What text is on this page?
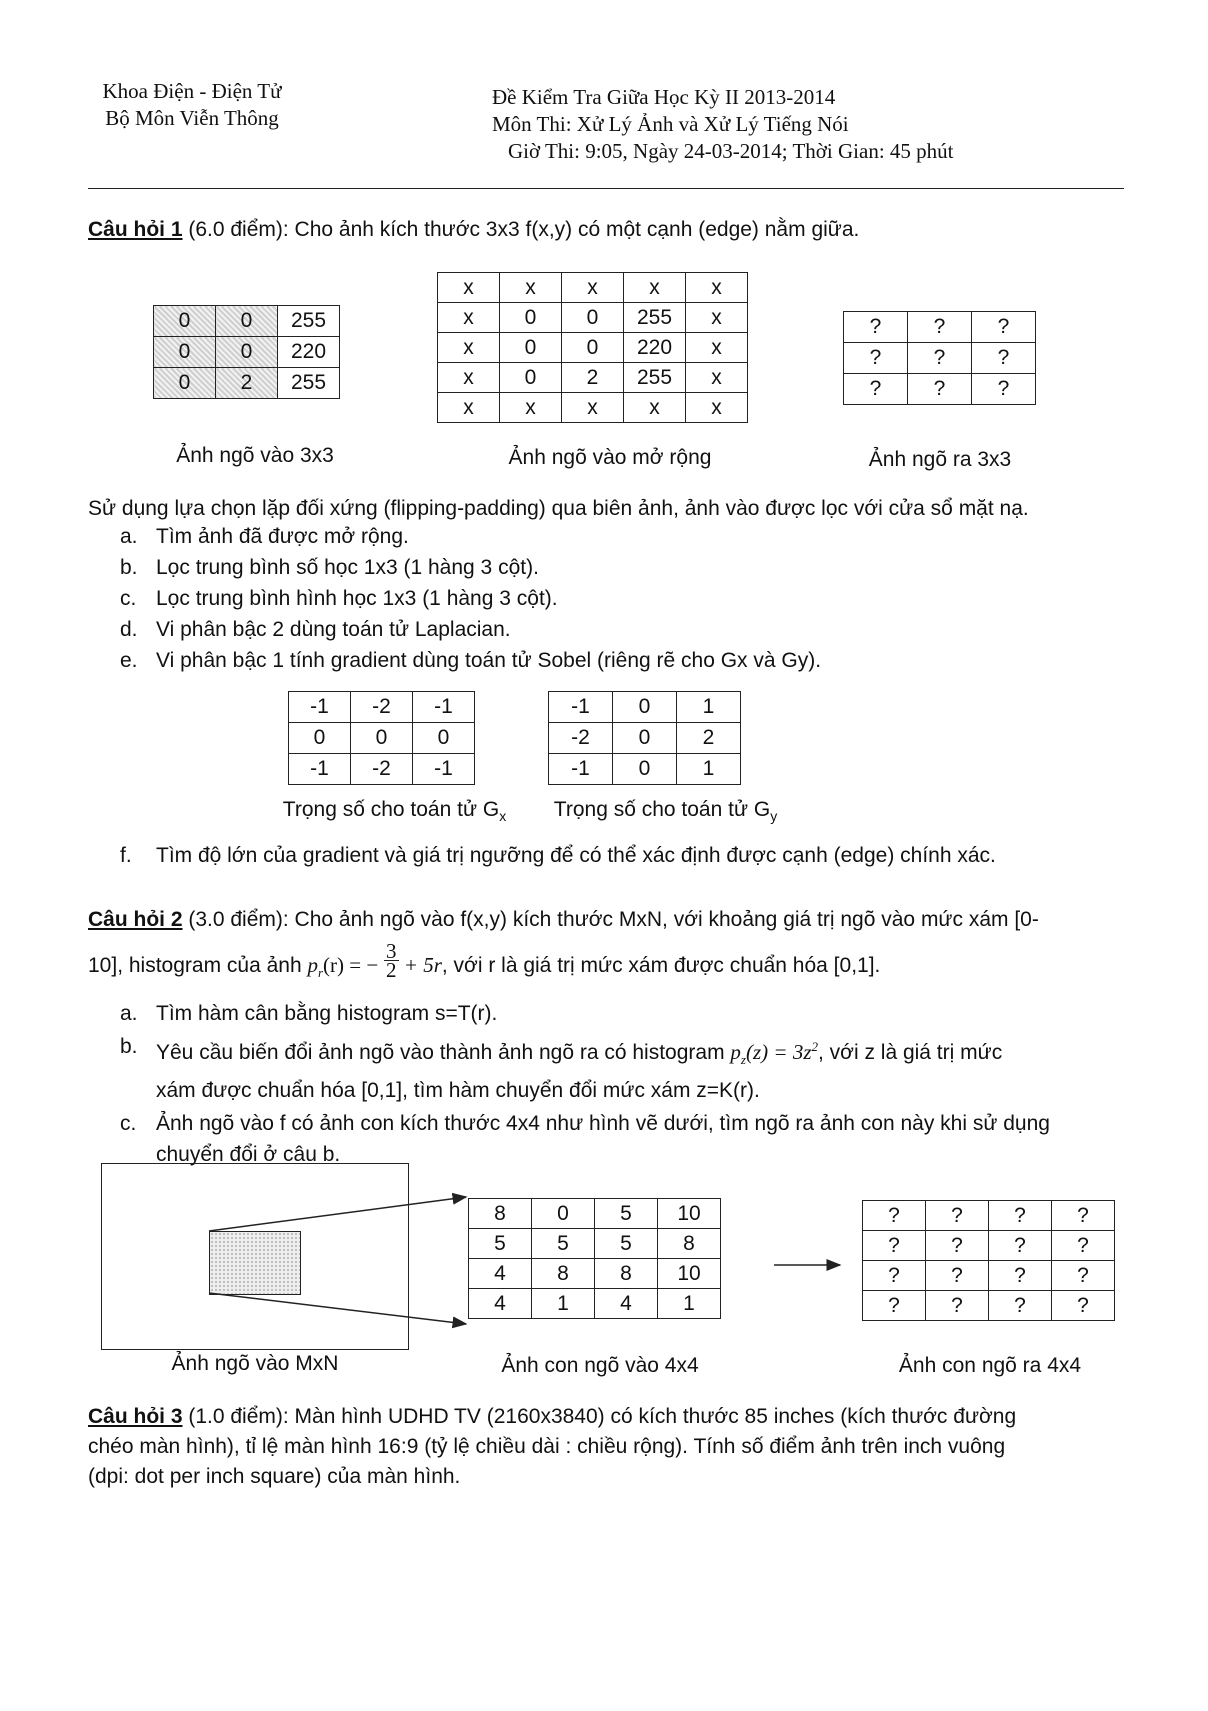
Khoa Điện - Điện Tử
Bộ Môn Viễn Thông
Đề Kiểm Tra Giữa Học Kỳ II 2013-2014
Môn Thi: Xử Lý Ảnh và Xử Lý Tiếng Nói
Giờ Thi: 9:05, Ngày 24-03-2014; Thời Gian: 45 phút
Câu hỏi 1 (6.0 điểm): Cho ảnh kích thước 3x3 f(x,y) có một cạnh (edge) nằm giữa.
0	0	255
0	0	220
0	2	255
x	x	x	x	x
x	0	0	255	x
x	0	0	220	x
x	0	2	255	x
x	x	x	x	x
?	?	?
?	?	?
?	?	?
Ảnh ngõ vào 3x3	Ảnh ngõ vào mở rộng	Ảnh ngõ ra 3x3
Sử dụng lựa chọn lặp đối xứng (flipping-padding) qua biên ảnh, ảnh vào được lọc với cửa sổ mặt nạ.
a. Tìm ảnh đã được mở rộng.
b. Lọc trung bình số học 1x3 (1 hàng 3 cột).
c. Lọc trung bình hình học 1x3 (1 hàng 3 cột).
d. Vi phân bậc 2 dùng toán tử Laplacian.
e. Vi phân bậc 1 tính gradient dùng toán tử Sobel (riêng rẽ cho Gx và Gy).
-1	-2	-1
0	0	0
-1	-2	-1
-1	0	1
-2	0	2
-1	0	1
Trọng số cho toán tử $G_x$	Trọng số cho toán tử $G_y$
f. Tìm độ lớn của gradient và giá trị ngưỡng để có thể xác định được cạnh (edge) chính xác.
Câu hỏi 2 (3.0 điểm): Cho ảnh ngõ vào f(x,y) kích thước MxN, với khoảng giá trị ngõ vào mức xám [0-
10], histogram của ảnh $p_r(r)$ = − $\frac{3}{2} + 5r$, với r là giá trị mức xám được chuẩn hóa [0,1].
a. Tìm hàm cân bằng histogram s=T(r).
b. Yêu cầu biến đổi ảnh ngõ vào thành ảnh ngõ ra có histogram $p_z(z) = 3z^2$, với z là giá trị mức
xám được chuẩn hóa [0,1], tìm hàm chuyển đổi mức xám z=K(r).
c. Ảnh ngõ vào f có ảnh con kích thước 4x4 như hình vẽ dưới, tìm ngõ ra ảnh con này khi sử dụng
chuyển đổi ở câu b.
8	0	5	10
5	5	5	8
4	8	8	10
4	1	4	1
?	?	?	?
?	?	?	?
?	?	?	?
?	?	?	?
Ảnh ngõ vào MxN	Ảnh con ngõ vào 4x4	Ảnh con ngõ ra 4x4
Câu hỏi 3 (1.0 điểm): Màn hình UDHD TV (2160x3840) có kích thước 85 inches (kích thước đường
chéo màn hình), tỉ lệ màn hình 16:9 (tỷ lệ chiều dài : chiều rộng). Tính số điểm ảnh trên inch vuông
(dpi: dot per inch square) của màn hình.
